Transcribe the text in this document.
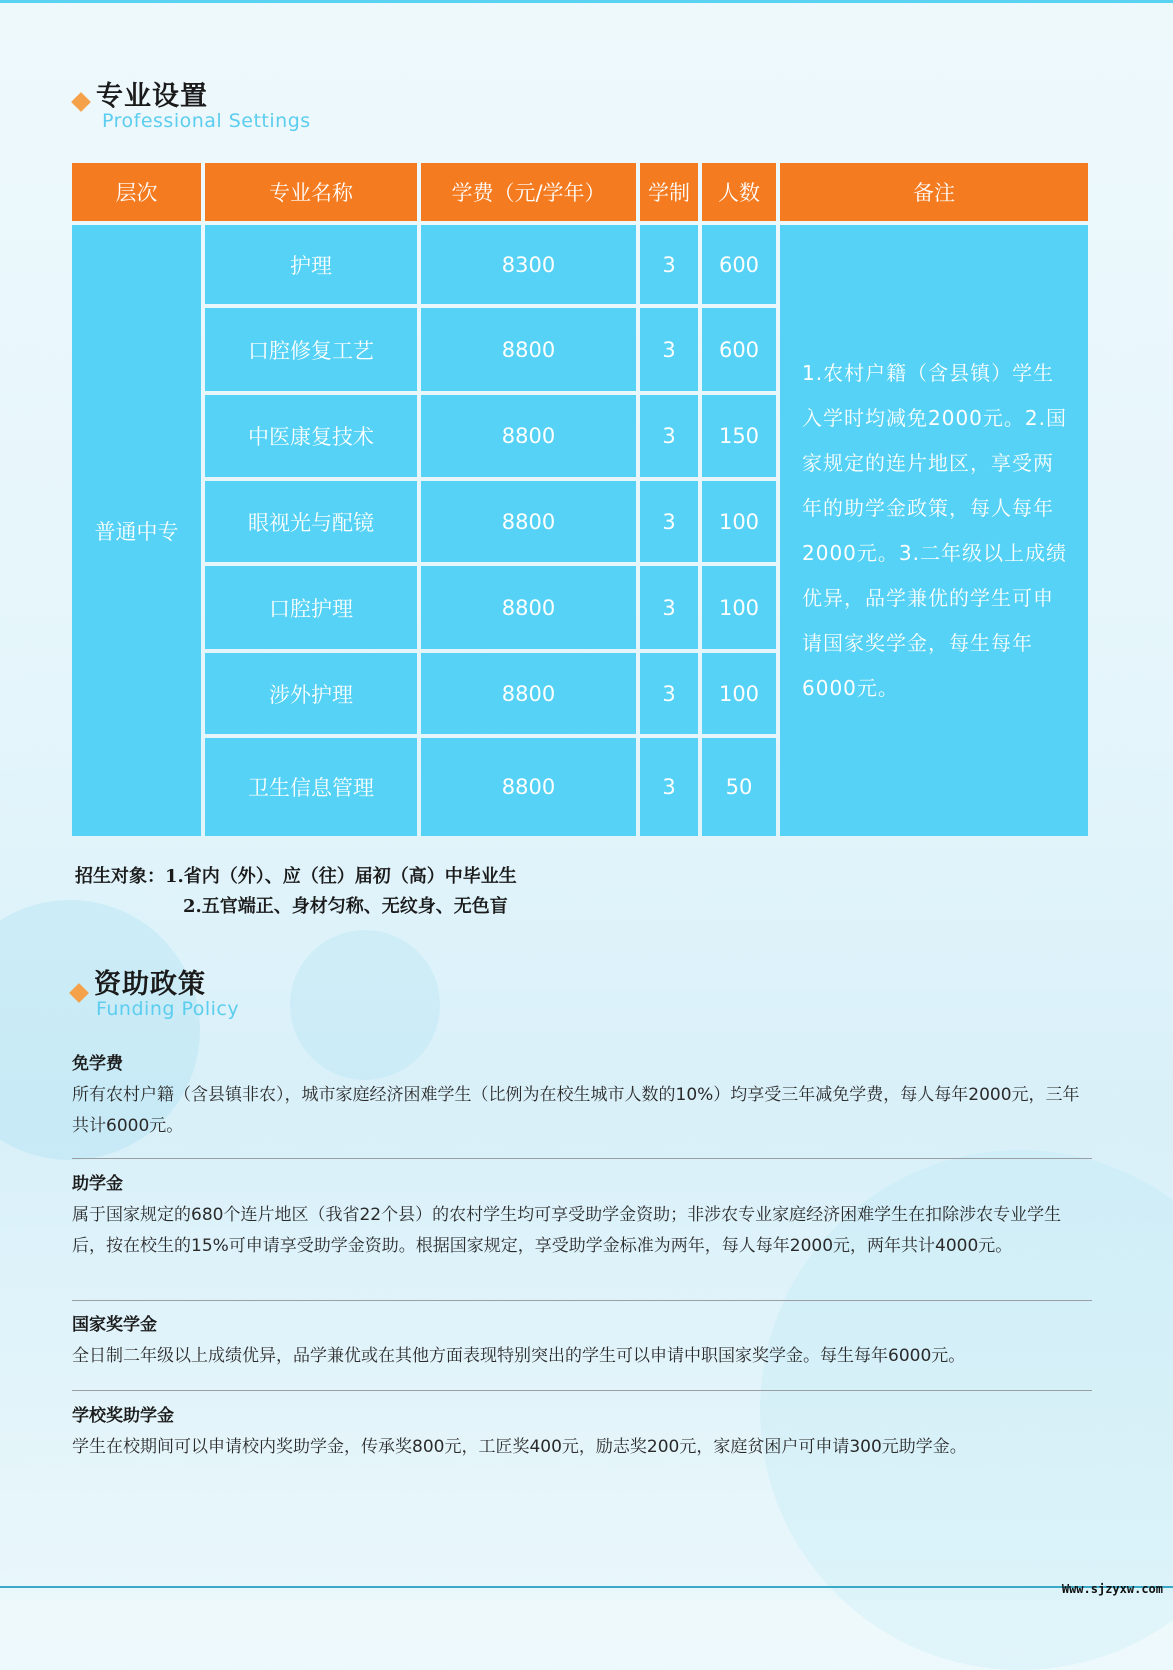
专业设置
Professional Settings
层次	专业名称	学费（元/学年）	学制	人数	备注
普通中专
护理	8300	3	600
口腔修复工艺	8800	3	600
中医康复技术	8800	3	150
眼视光与配镜	8800	3	100
口腔护理	8800	3	100
涉外护理	8800	3	100
卫生信息管理	8800	3	50
1.农村户籍（含县镇）学生入学时均减免2000元。2.国家规定的连片地区，享受两年的助学金政策，每人每年2000元。3.二年级以上成绩优异，品学兼优的学生可申请国家奖学金，每生每年6000元。
招生对象：1.省内（外）、应（往）届初（高）中毕业生
2.五官端正、身材匀称、无纹身、无色盲
资助政策
Funding Policy
免学费
所有农村户籍（含县镇非农），城市家庭经济困难学生（比例为在校生城市人数的10%）均享受三年减免学费，每人每年2000元，三年共计6000元。
助学金
属于国家规定的680个连片地区（我省22个县）的农村学生均可享受助学金资助；非涉农专业家庭经济困难学生在扣除涉农专业学生后，按在校生的15%可申请享受助学金资助。根据国家规定，享受助学金标准为两年，每人每年2000元，两年共计4000元。
国家奖学金
全日制二年级以上成绩优异，品学兼优或在其他方面表现特别突出的学生可以申请中职国家奖学金。每生每年6000元。
学校奖助学金
学生在校期间可以申请校内奖助学金，传承奖800元，工匠奖400元，励志奖200元，家庭贫困户可申请300元助学金。
Www.sjzyxw.com
